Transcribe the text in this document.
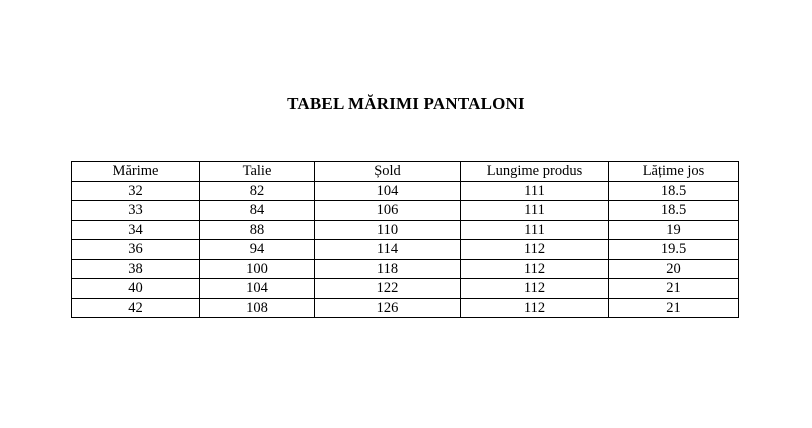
TABEL MĂRIMI PANTALONI
Mărime	Talie	Șold	Lungime produs	Lățime jos
32	82	104	111	18.5
33	84	106	111	18.5
34	88	110	111	19
36	94	114	112	19.5
38	100	118	112	20
40	104	122	112	21
42	108	126	112	21
